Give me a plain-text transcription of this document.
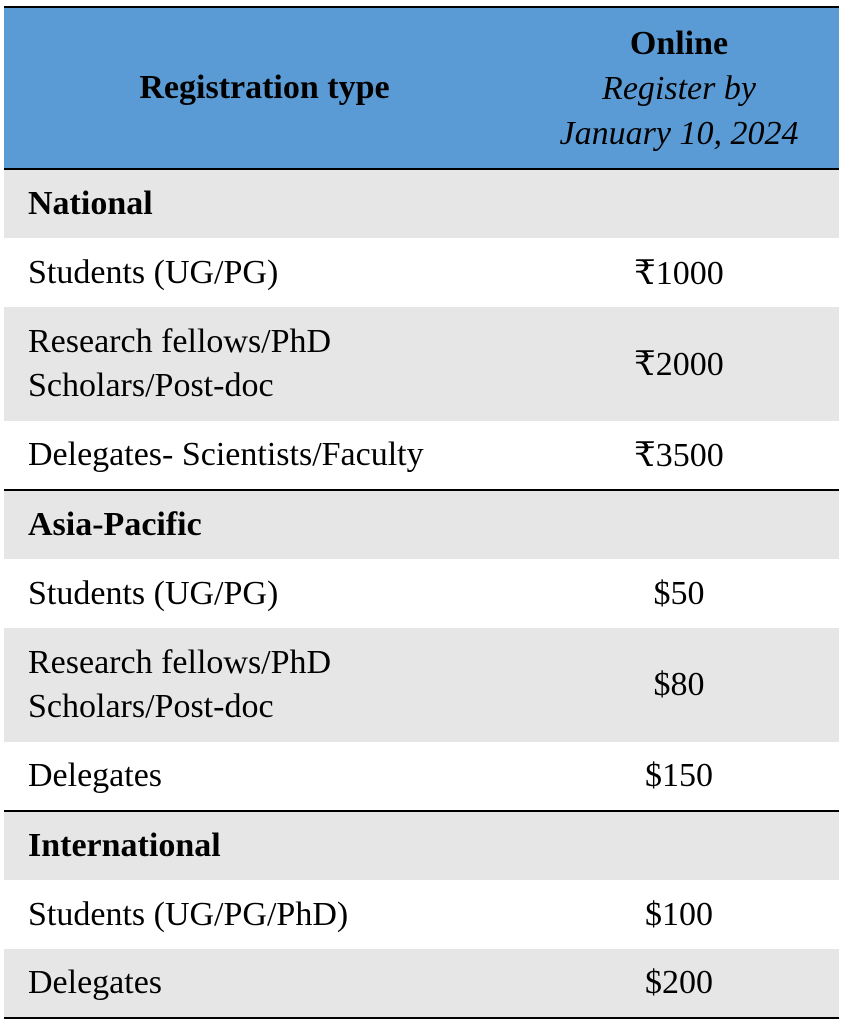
Registration type	Online
Register by
January 10, 2024

National	
Students (UG/PG)	₹1000

Research fellows/PhD
Scholars/Post-doc	₹2000
Delegates- Scientists/Faculty	₹3500
Asia-Pacific	
Students (UG/PG)	$50

Research fellows/PhD
Scholars/Post-doc	$80
Delegates	$150
International	
Students (UG/PG/PhD)	$100
Delegates	$200
